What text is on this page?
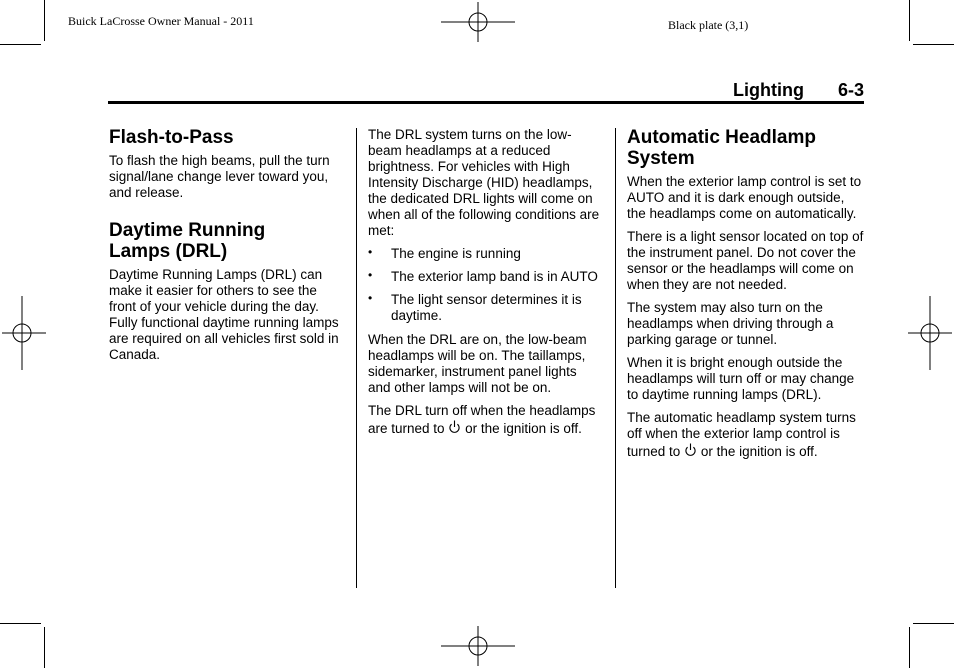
Buick LaCrosse Owner Manual - 2011	Black plate (3,1)
Lighting 6-3
Flash-to-Pass

To flash the high beams, pull the turn signal/lane change lever toward you, and release.

Daytime Running
Lamps (DRL)

Daytime Running Lamps (DRL) can make it easier for others to see the front of your vehicle during the day. Fully functional daytime running lamps are required on all vehicles first sold in Canada.

The DRL system turns on the low-beam headlamps at a reduced brightness. For vehicles with High Intensity Discharge (HID) headlamps, the dedicated DRL lights will come on when all of the following conditions are met:

• The engine is running
• The exterior lamp band is in AUTO
• The light sensor determines it is daytime.

When the DRL are on, the low-beam headlamps will be on. The taillamps, sidemarker, instrument panel lights and other lamps will not be on.

The DRL turn off when the headlamps are turned to or the ignition is off.

Automatic Headlamp
System

When the exterior lamp control is set to AUTO and it is dark enough outside, the headlamps come on automatically.

There is a light sensor located on top of the instrument panel. Do not cover the sensor or the headlamps will come on when they are not needed.

The system may also turn on the headlamps when driving through a parking garage or tunnel.

When it is bright enough outside the headlamps will turn off or may change to daytime running lamps (DRL).

The automatic headlamp system turns off when the exterior lamp control is turned to or the ignition is off.
